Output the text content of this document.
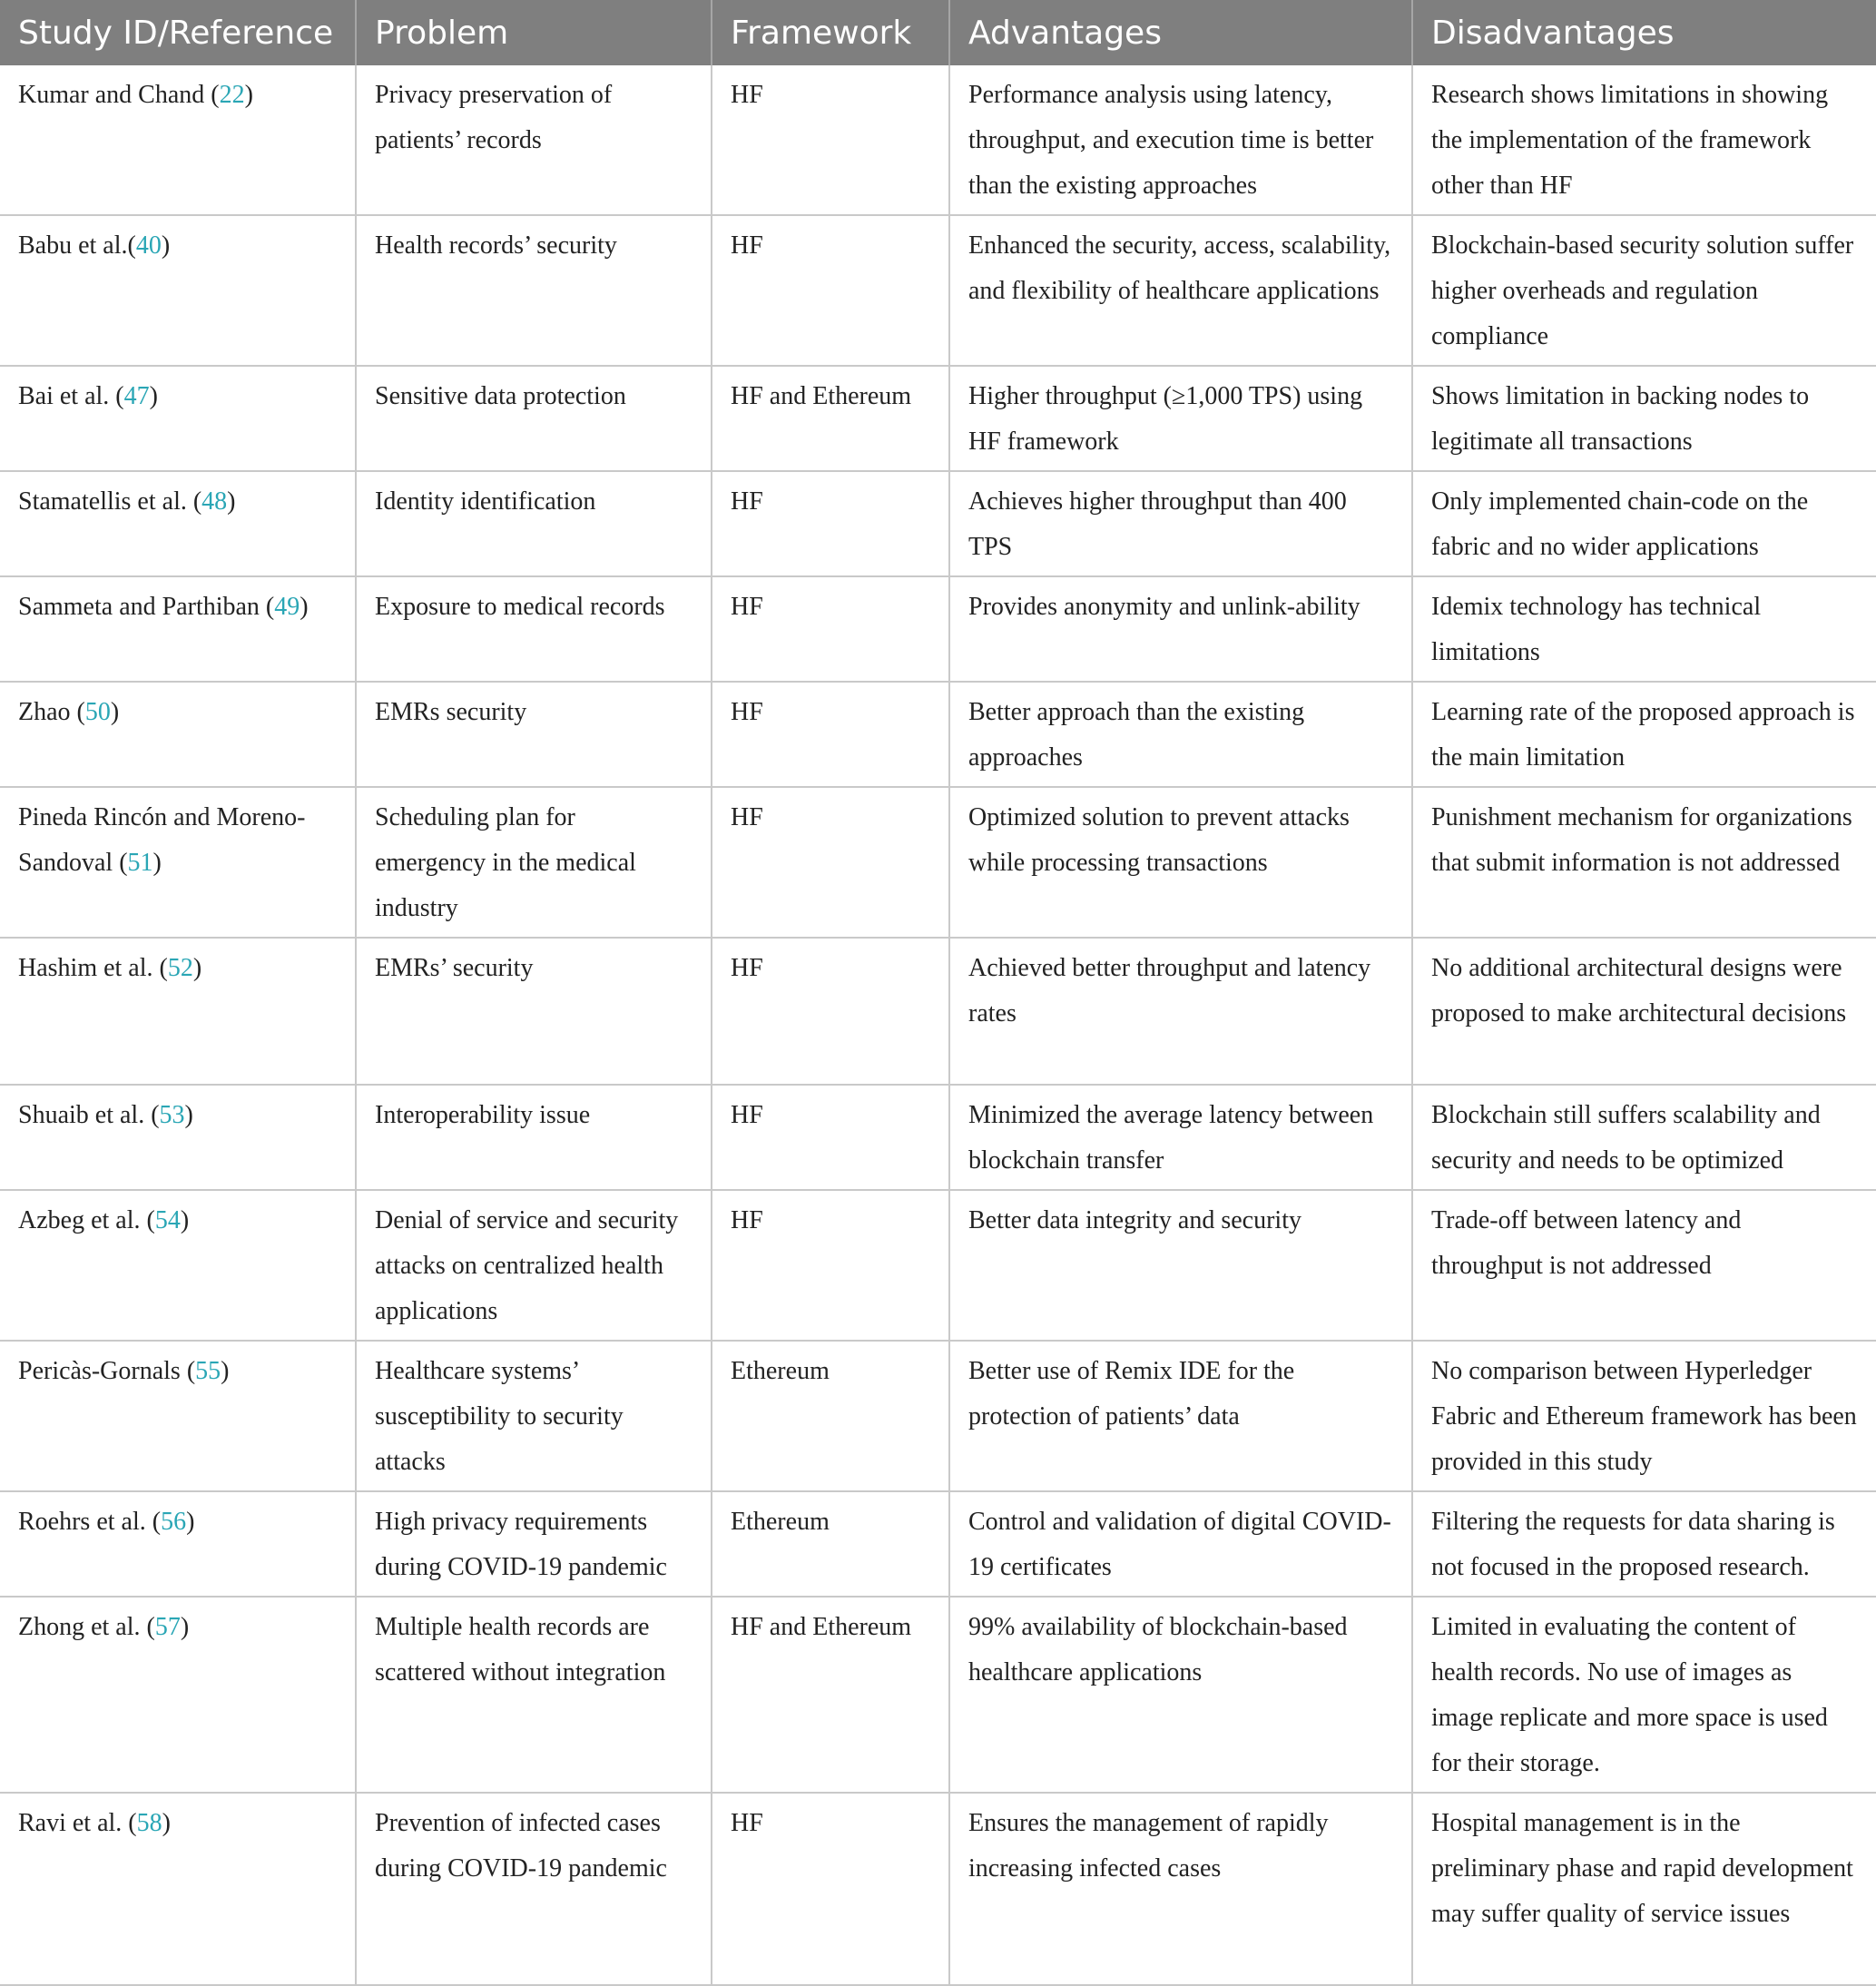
Study ID/Reference	Problem	Framework	Advantages	Disadvantages
Kumar and Chand (22)	Privacy preservation of patients’ records	HF	Performance analysis using latency, throughput, and execution time is better than the existing approaches	Research shows limitations in showing the implementation of the framework other than HF
Babu et al.(40)	Health records’ security	HF	Enhanced the security, access, scalability, and flexibility of healthcare applications	Blockchain-based security solution suffer higher overheads and regulation compliance
Bai et al. (47)	Sensitive data protection	HF and Ethereum	Higher throughput (≥1,000 TPS) using HF framework	Shows limitation in backing nodes to legitimate all transactions
Stamatellis et al. (48)	Identity identification	HF	Achieves higher throughput than 400 TPS	Only implemented chain-code on the fabric and no wider applications
Sammeta and Parthiban (49)	Exposure to medical records	HF	Provides anonymity and unlink-ability	Idemix technology has technical limitations
Zhao (50)	EMRs security	HF	Better approach than the existing approaches	Learning rate of the proposed approach is the main limitation
Pineda Rincón and Moreno-Sandoval (51)	Scheduling plan for emergency in the medical industry	HF	Optimized solution to prevent attacks while processing transactions	Punishment mechanism for organizations that submit information is not addressed
Hashim et al. (52)	EMRs’ security	HF	Achieved better throughput and latency rates	No additional architectural designs were proposed to make architectural decisions
Shuaib et al. (53)	Interoperability issue	HF	Minimized the average latency between blockchain transfer	Blockchain still suffers scalability and security and needs to be optimized
Azbeg et al. (54)	Denial of service and security attacks on centralized health applications	HF	Better data integrity and security	Trade-off between latency and throughput is not addressed
Pericàs-Gornals (55)	Healthcare systems’ susceptibility to security attacks	Ethereum	Better use of Remix IDE for the protection of patients’ data	No comparison between Hyperledger Fabric and Ethereum framework has been provided in this study
Roehrs et al. (56)	High privacy requirements during COVID-19 pandemic	Ethereum	Control and validation of digital COVID-19 certificates	Filtering the requests for data sharing is not focused in the proposed research.
Zhong et al. (57)	Multiple health records are scattered without integration	HF and Ethereum	99% availability of blockchain-based healthcare applications	Limited in evaluating the content of health records. No use of images as image replicate and more space is used for their storage.
Ravi et al. (58)	Prevention of infected cases during COVID-19 pandemic	HF	Ensures the management of rapidly increasing infected cases	Hospital management is in the preliminary phase and rapid development may suffer quality of service issues
